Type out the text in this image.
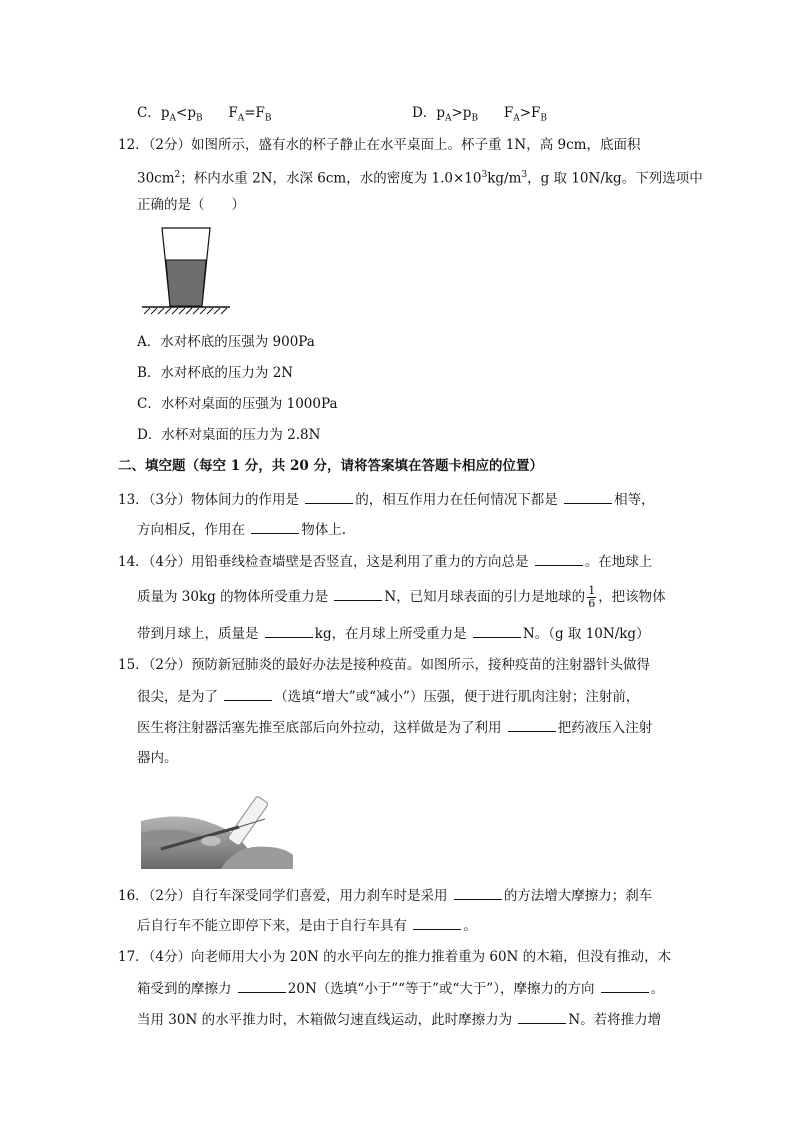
C．$p_A<p_B$ $F_A=F_B$	D．$p_A>p_B$ $F_A>F_B$
12．（2分）如图所示，盛有水的杯子静止在水平桌面上。杯子重 1N，高 9cm，底面积
$30cm^2$；杯内水重 2N，水深 6cm，水的密度为 $1.0\times 10^3kg/m^3$，g 取 10N/kg。下列选项中
正确的是（　　）
A．水对杯底的压强为 900Pa
B．水对杯底的压力为 2N
C．水杯对桌面的压强为 1000Pa
D．水杯对桌面的压力为 2.8N
二、填空题（每空 1 分，共 20 分，请将答案填在答题卡相应的位置）
13．（3分）物体间力的作用是	的，相互作用力在任何情况下都是	相等，
方向相反，作用在	物体上.
14．（4分）用铅垂线检查墙壁是否竖直，这是利用了重力的方向总是	。在地球上
质量为 30kg 的物体所受重力是	N，已知月球表面的引力是地球的 $\frac{1}{6}$ ，把该物体
带到月球上，质量是	kg，在月球上所受重力是	N。（g 取 10N/kg）
15．（2分）预防新冠肺炎的最好办法是接种疫苗。如图所示，接种疫苗的注射器针头做得
很尖，是为了	（选填“增大”或“减小”）压强，便于进行肌肉注射；注射前，
医生将注射器活塞先推至底部后向外拉动，这样做是为了利用	把药液压入注射
器内。
16．（2分）自行车深受同学们喜爱，用力刹车时是采用	的方法增大摩擦力；刹车
后自行车不能立即停下来，是由于自行车具有	。
17．（4分）向老师用大小为 20N 的水平向左的推力推着重为 60N 的木箱，但没有推动，木
箱受到的摩擦力	20N（选填“小于”“等于”或“大于”），摩擦力的方向	。
当用 30N 的水平推力时，木箱做匀速直线运动，此时摩擦力为	N。若将推力增
